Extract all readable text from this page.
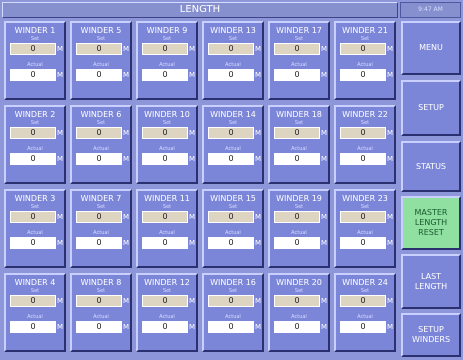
LENGTH	9:47 AM
WINDER 1
Set
0	M
Actual
0	M
WINDER 5
Set
0	M
Actual
0	M
WINDER 9
Set
0	M
Actual
0	M
WINDER 13
Set
0	M
Actual
0	M
WINDER 17
Set
0	M
Actual
0	M
WINDER 21
Set
0	M
Actual
0	M
WINDER 2
Set
0	M
Actual
0	M
WINDER 6
Set
0	M
Actual
0	M
WINDER 10
Set
0	M
Actual
0	M
WINDER 14
Set
0	M
Actual
0	M
WINDER 18
Set
0	M
Actual
0	M
WINDER 22
Set
0	M
Actual
0	M
WINDER 3
Set
0	M
Actual
0	M
WINDER 7
Set
0	M
Actual
0	M
WINDER 11
Set
0	M
Actual
0	M
WINDER 15
Set
0	M
Actual
0	M
WINDER 19
Set
0	M
Actual
0	M
WINDER 23
Set
0	M
Actual
0	M
WINDER 4
Set
0	M
Actual
0	M
WINDER 8
Set
0	M
Actual
0	M
WINDER 12
Set
0	M
Actual
0	M
WINDER 16
Set
0	M
Actual
0	M
WINDER 20
Set
0	M
Actual
0	M
WINDER 24
Set
0	M
Actual
0	M
MENU
SETUP
STATUS
MASTER
LENGTH
RESET
LAST
LENGTH
SETUP
WINDERS
